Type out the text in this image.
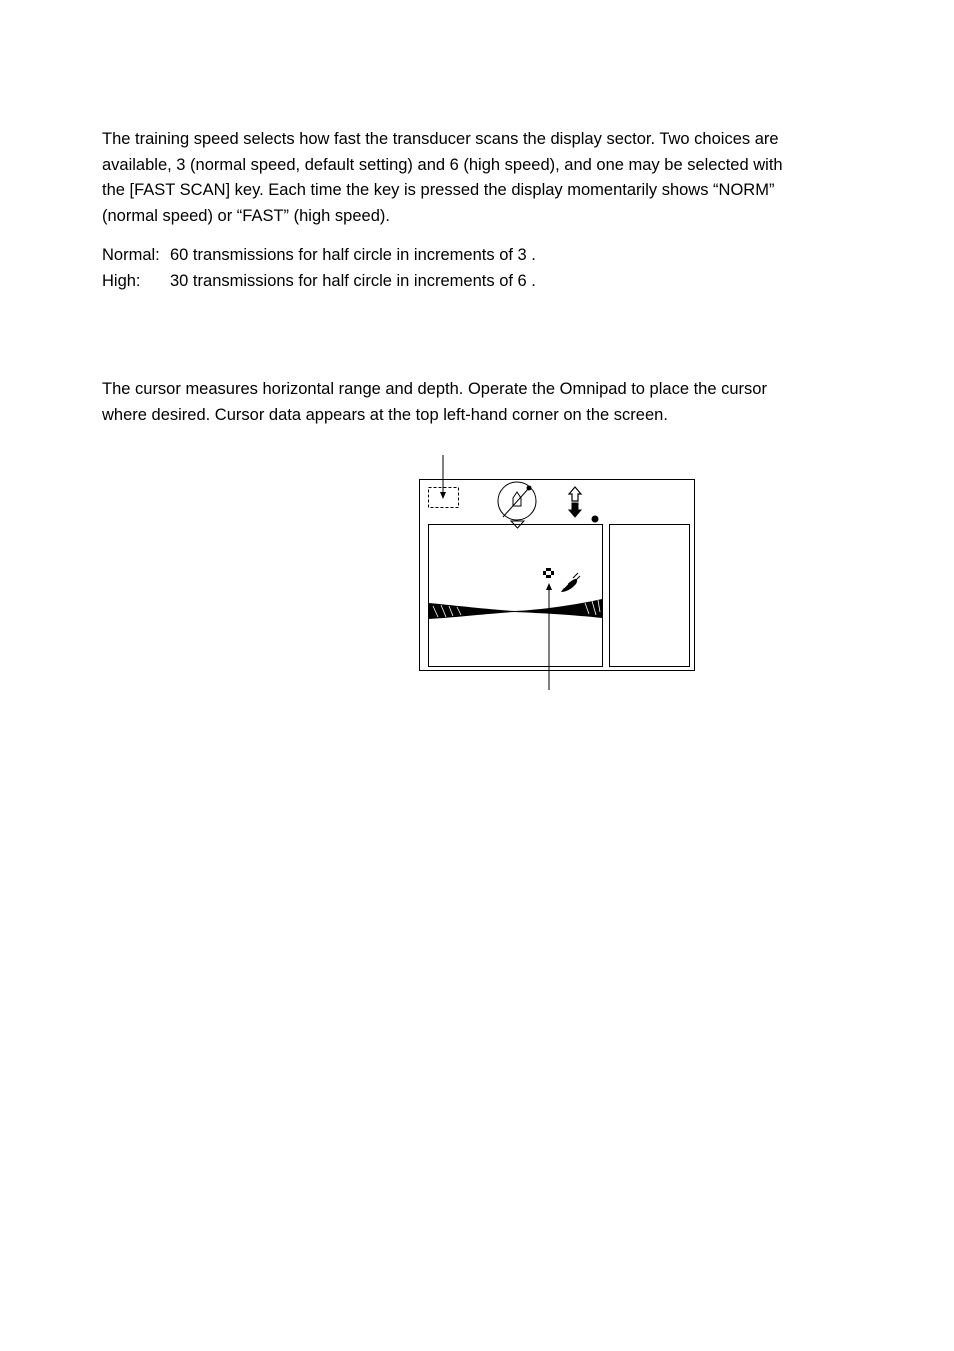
The training speed selects how fast the transducer scans the display sector. Two choices are
available, 3 (normal speed, default setting) and 6 (high speed), and one may be selected with
the [FAST SCAN] key. Each time the key is pressed the display momentarily shows “NORM”
(normal speed) or “FAST” (high speed).

Normal: 60 transmissions for half circle in increments of 3 .
High: 30 transmissions for half circle in increments of 6 .

The cursor measures horizontal range and depth. Operate the Omnipad to place the cursor
where desired. Cursor data appears at the top left-hand corner on the screen.
